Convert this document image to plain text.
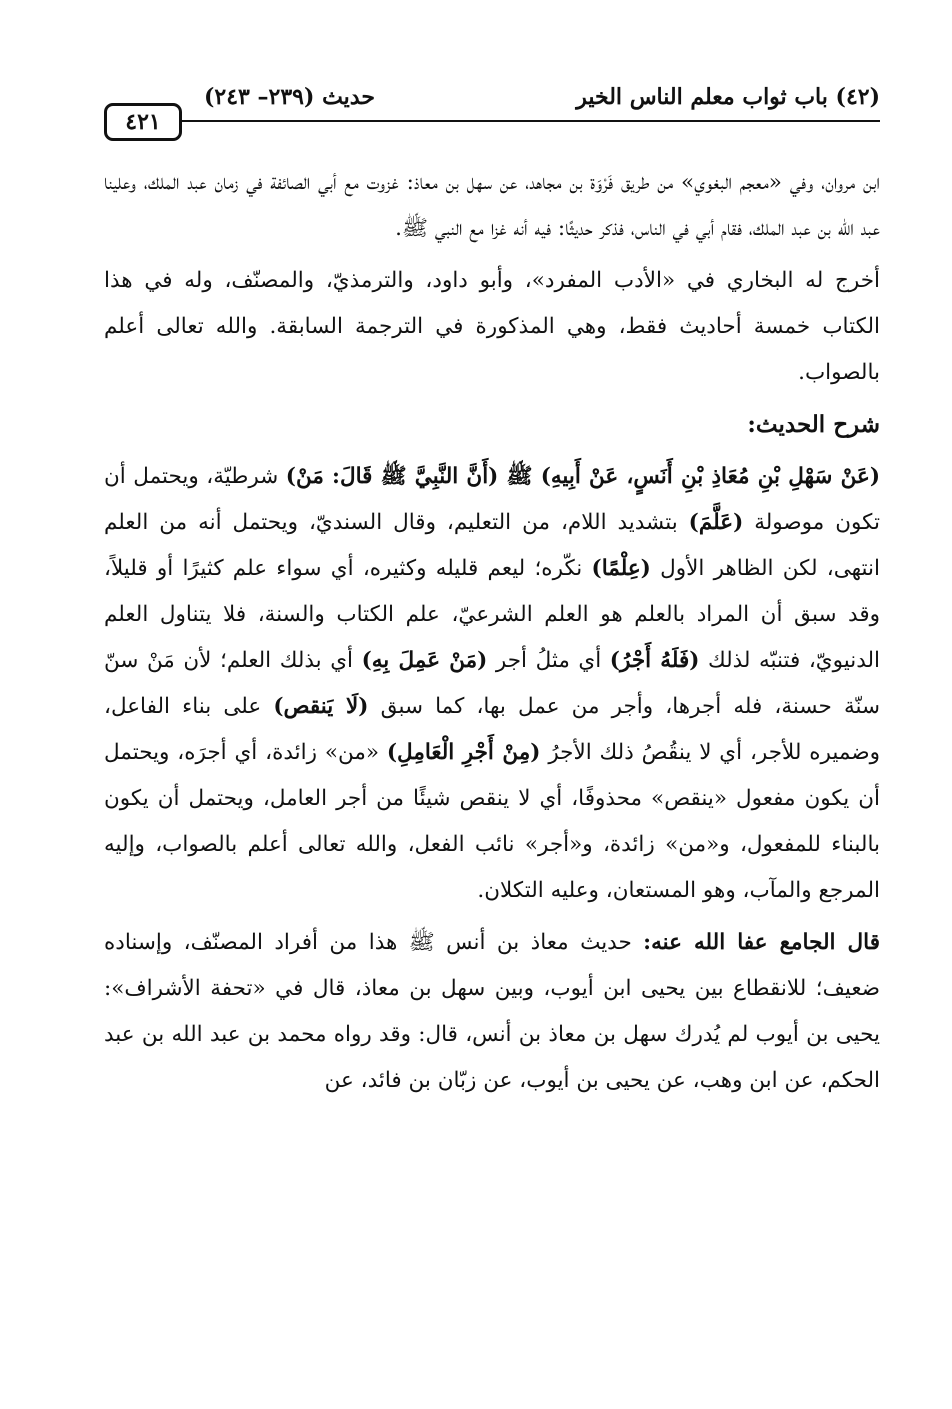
(٤٢) باب ثواب معلم الناس الخير
حديث (٢٣٩– ٢٤٣)
٤٢١

ابن مروان، وفي «معجم البغوي» من طريق فَرْوَة بن مجاهد، عن سهل بن معاذ: غزوت مع أبي الصائفة في زمان عبد الملك، وعلينا عبد الله بن عبد الملك، فقام أبي في الناس، فذكر حديثًا: فيه أنه غزا مع النبي ﷺ.

أخرج له البخاري في «الأدب المفرد»، وأبو داود، والترمذيّ، والمصنّف، وله في هذا الكتاب خمسة أحاديث فقط، وهي المذكورة في الترجمة السابقة. والله تعالى أعلم بالصواب.

شرح الحديث:

(عَنْ سَهْلِ بْنِ مُعَاذِ بْنِ أَنَسٍ، عَنْ أَبِيهِ) ﷺ (أَنَّ النَّبِيَّ ﷺ قَالَ: مَنْ) شرطيّة، ويحتمل أن تكون موصولة (عَلَّمَ) بتشديد اللام، من التعليم، وقال السنديّ، ويحتمل أنه من العلم انتهى، لكن الظاهر الأول (عِلْمًا) نكّره؛ ليعم قليله وكثيره، أي سواء علم كثيرًا أو قليلاً، وقد سبق أن المراد بالعلم هو العلم الشرعيّ، علم الكتاب والسنة، فلا يتناول العلم الدنيويّ، فتنبّه لذلك (فَلَهُ أَجْرُ) أي مثلُ أجر (مَنْ عَمِلَ بِهِ) أي بذلك العلم؛ لأن مَنْ سنّ سنّة حسنة، فله أجرها، وأجر من عمل بها، كما سبق (لَا يَنقص) على بناء الفاعل، وضميره للأجر، أي لا ينقُصُ ذلك الأجرُ (مِنْ أَجْرِ الْعَامِلِ) «من» زائدة، أي أجرَه، ويحتمل أن يكون مفعول «ينقص» محذوفًا، أي لا ينقص شيئًا من أجر العامل، ويحتمل أن يكون بالبناء للمفعول، و«من» زائدة، و«أجر» نائب الفعل، والله تعالى أعلم بالصواب، وإليه المرجع والمآب، وهو المستعان، وعليه التكلان.

قال الجامع عفا الله عنه: حديث معاذ بن أنس ﷺ هذا من أفراد المصنّف، وإسناده ضعيف؛ للانقطاع بين يحيى ابن أيوب، وبين سهل بن معاذ، قال في «تحفة الأشراف»: يحيى بن أيوب لم يُدرك سهل بن معاذ بن أنس، قال: وقد رواه محمد بن عبد الله بن عبد الحكم، عن ابن وهب، عن يحيى بن أيوب، عن زبّان بن فائد، عن
